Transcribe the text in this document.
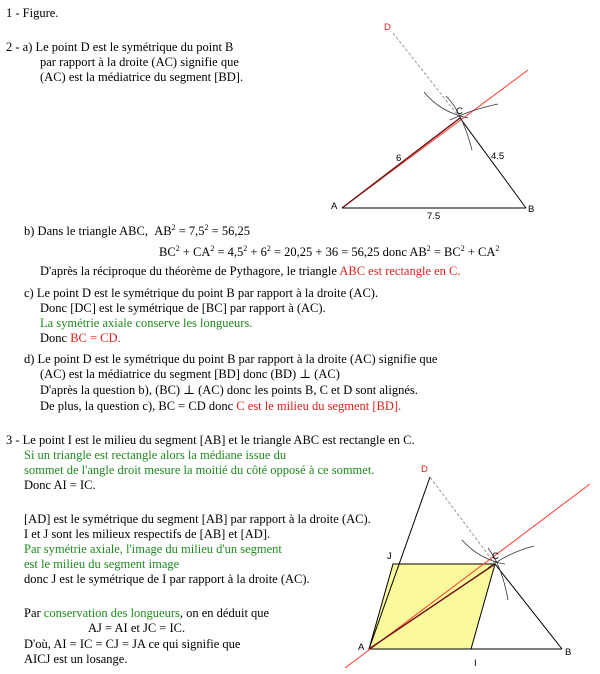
1 - Figure.
2 - a) Le point D est le symétrique du point B
par rapport à la droite (AC) signifie que
(AC) est la médiatrice du segment [BD].
A	B
C
D
6	4.5
7.5
A	B
C
D
I
J
b) Dans le triangle ABC, $AB^2 = 7,5^2 = 56,25$
$BC^2 + CA^2 = 4,5^2 + 6^2 = 20,25 + 36 = 56,25$ donc $AB^2 = BC^2 + CA^2$
D'après la réciproque du théorème de Pythagore, le triangle ABC est rectangle en C.
c) Le point D est le symétrique du point B par rapport à la droite (AC).
Donc [DC] est le symétrique de [BC] par rapport à (AC).
La symétrie axiale conserve les longueurs.
Donc BC = CD.
d) Le point D est le symétrique du point B par rapport à la droite (AC) signifie que
(AC) est la médiatrice du segment [BD] donc (BD) ⊥ (AC)
D'après la question b), (BC) ⊥ (AC) donc les points B, C et D sont alignés.
De plus, la question c), BC = CD donc C est le milieu du segment [BD].
3 - Le point I est le milieu du segment [AB] et le triangle ABC est rectangle en C.
Si un triangle est rectangle alors la médiane issue du
sommet de l'angle droit mesure la moitié du côté opposé à ce sommet.
Donc AI = IC.
[AD] est le symétrique du segment [AB] par rapport à la droite (AC).
I et J sont les milieux respectifs de [AB] et [AD].
Par symétrie axiale, l'image du milieu d'un segment
est le milieu du segment image
donc J est le symétrique de I par rapport à la droite (AC).
Par conservation des longueurs, on en déduit que
AJ = AI et JC = IC.
D'où, AI = IC = CJ = JA ce qui signifie que
AICJ est un losange.
